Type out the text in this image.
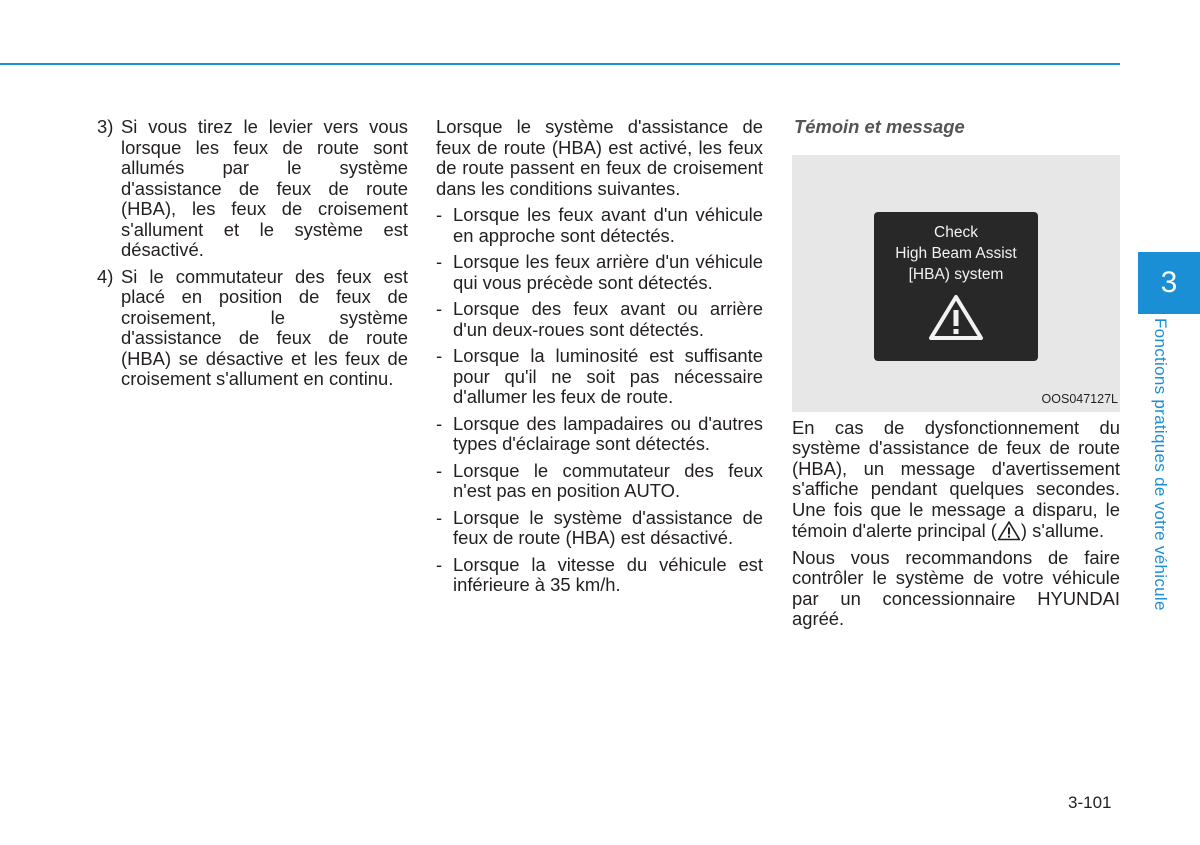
3) Si vous tirez le levier vers vous lorsque les feux de route sont allumés par le système d'assistance de feux de route (HBA), les feux de croisement s'allument et le système est désactivé.
4) Si le commutateur des feux est placé en position de feux de croisement, le système d'assistance de feux de route (HBA) se désactive et les feux de croisement s'allument en continu.

Lorsque le système d'assistance de feux de route (HBA) est activé, les feux de route passent en feux de croisement dans les conditions suivantes.

- Lorsque les feux avant d'un véhicule en approche sont détectés.
- Lorsque les feux arrière d'un véhicule qui vous précède sont détectés.
- Lorsque des feux avant ou arrière d'un deux-roues sont détectés.
- Lorsque la luminosité est suffisante pour qu'il ne soit pas nécessaire d'allumer les feux de route.
- Lorsque des lampadaires ou d'autres types d'éclairage sont détectés.
- Lorsque le commutateur des feux n'est pas en position AUTO.
- Lorsque le système d'assistance de feux de route (HBA) est désactivé.
- Lorsque la vitesse du véhicule est inférieure à 35 km/h.
Témoin et message
Check
High Beam Assist
[HBA) system
OOS047127L

En cas de dysfonctionnement du système d'assistance de feux de route (HBA), un message d'avertissement s'affiche pendant quelques secondes. Une fois que le message a disparu, le témoin d'alerte principal ( ) s'allume.

Nous vous recommandons de faire contrôler le système de votre véhicule par un concessionnaire HYUNDAI agréé.

3
Fonctions pratiques de votre véhicule
3-101
